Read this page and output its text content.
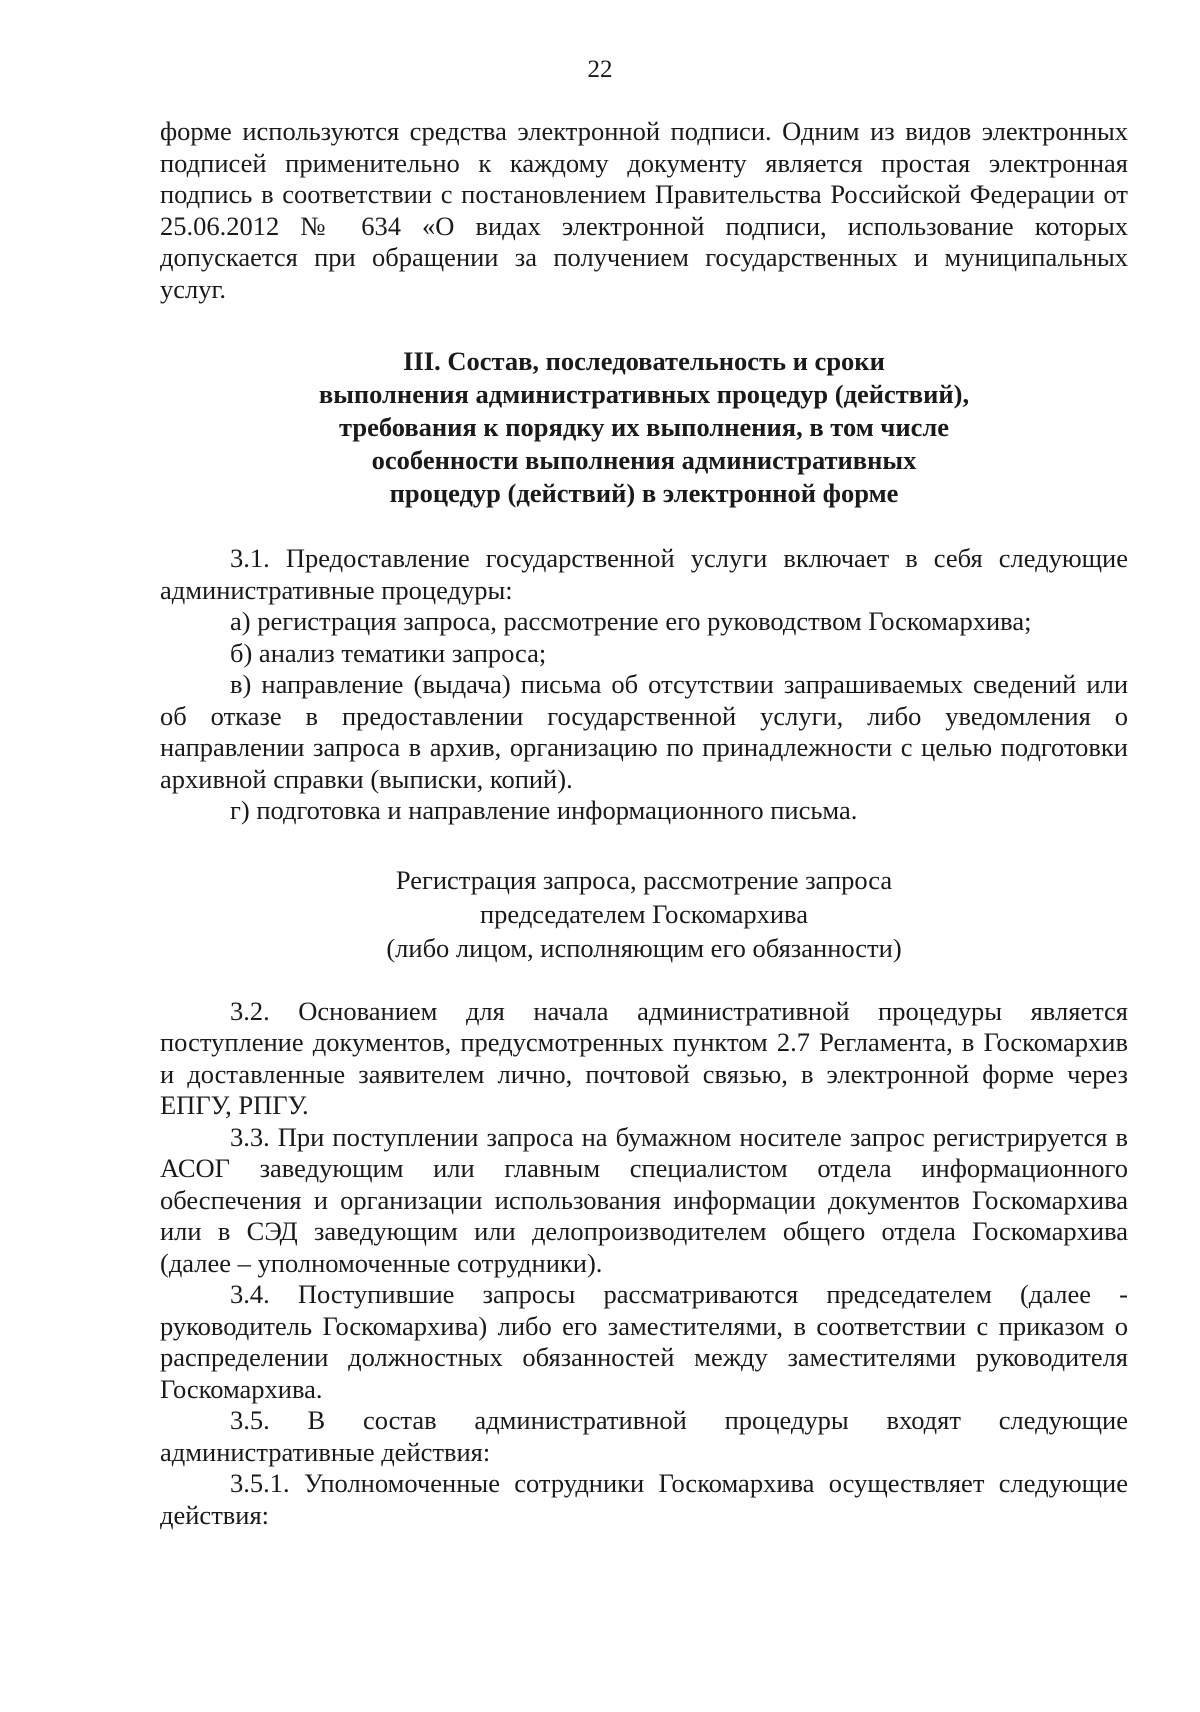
22

форме используются средства электронной подписи. Одним из видов электронных подписей применительно к каждому документу является простая электронная подпись в соответствии с постановлением Правительства Российской Федерации от 25.06.2012 № 634 «О видах электронной подписи, использование которых допускается при обращении за получением государственных и муниципальных услуг.

III. Состав, последовательность и сроки
выполнения административных процедур (действий),
требования к порядку их выполнения, в том числе
особенности выполнения административных
процедур (действий) в электронной форме

3.1. Предоставление государственной услуги включает в себя следующие административные процедуры:

а) регистрация запроса, рассмотрение его руководством Госкомархива;

б) анализ тематики запроса;

в) направление (выдача) письма об отсутствии запрашиваемых сведений или об отказе в предоставлении государственной услуги, либо уведомления о направлении запроса в архив, организацию по принадлежности с целью подготовки архивной справки (выписки, копий).

г) подготовка и направление информационного письма.

Регистрация запроса, рассмотрение запроса
председателем Госкомархива
(либо лицом, исполняющим его обязанности)

3.2. Основанием для начала административной процедуры является поступление документов, предусмотренных пунктом 2.7 Регламента, в Госкомархив и доставленные заявителем лично, почтовой связью, в электронной форме через ЕПГУ, РПГУ.

3.3. При поступлении запроса на бумажном носителе запрос регистрируется в АСОГ заведующим или главным специалистом отдела информационного обеспечения и организации использования информации документов Госкомархива или в СЭД заведующим или делопроизводителем общего отдела Госкомархива (далее – уполномоченные сотрудники).

3.4. Поступившие запросы рассматриваются председателем (далее - руководитель Госкомархива) либо его заместителями, в соответствии с приказом о распределении должностных обязанностей между заместителями руководителя Госкомархива.

3.5. В состав административной процедуры входят следующие административные действия:

3.5.1. Уполномоченные сотрудники Госкомархива осуществляет следующие действия:
